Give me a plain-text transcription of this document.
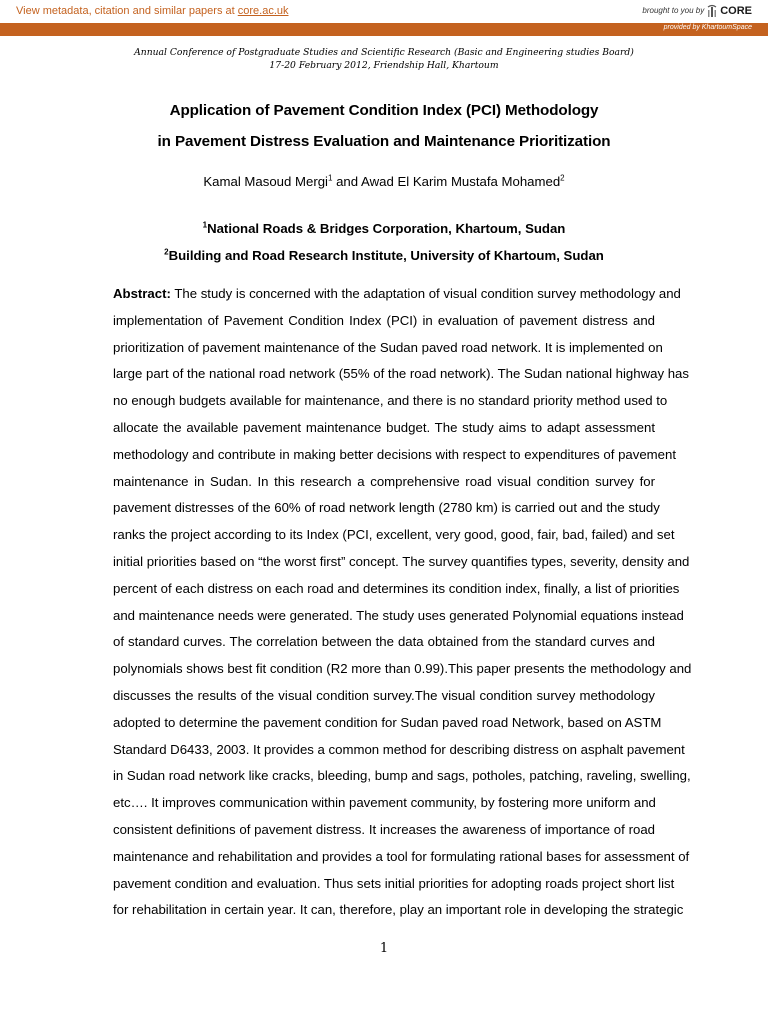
View metadata, citation and similar papers at core.ac.uk	brought to you by CORE
provided by KhartoumSpace
Annual Conference of Postgraduate Studies and Scientific Research (Basic and Engineering studies Board)
17-20 February 2012, Friendship Hall, Khartoum
Application of Pavement Condition Index (PCI) Methodology
in Pavement Distress Evaluation and Maintenance Prioritization
Kamal Masoud Mergi$^1$ and Awad El Karim Mustafa Mohamed$^2$
$^1$National Roads & Bridges Corporation, Khartoum, Sudan
$^2$Building and Road Research Institute, University of Khartoum, Sudan
Abstract: The study is concerned with the adaptation of visual condition survey methodology and
implementation of Pavement Condition Index (PCI) in evaluation of pavement distress and
prioritization of pavement maintenance of the Sudan paved road network. It is implemented on
large part of the national road network (55% of the road network). The Sudan national highway has
no enough budgets available for maintenance, and there is no standard priority method used to
allocate the available pavement maintenance budget. The study aims to adapt assessment
methodology and contribute in making better decisions with respect to expenditures of pavement
maintenance in Sudan. In this research a comprehensive road visual condition survey for
pavement distresses of the 60% of road network length (2780 km) is carried out and the study
ranks the project according to its Index (PCI, excellent, very good, good, fair, bad, failed) and set
initial priorities based on “the worst first” concept. The survey quantifies types, severity, density and
percent of each distress on each road and determines its condition index, finally, a list of priorities
and maintenance needs were generated. The study uses generated Polynomial equations instead
of standard curves. The correlation between the data obtained from the standard curves and
polynomials shows best fit condition (R2 more than 0.99).This paper presents the methodology and
discusses the results of the visual condition survey.The visual condition survey methodology
adopted to determine the pavement condition for Sudan paved road Network, based on ASTM
Standard D6433, 2003. It provides a common method for describing distress on asphalt pavement
in Sudan road network like cracks, bleeding, bump and sags, potholes, patching, raveling, swelling,
etc…. It improves communication within pavement community, by fostering more uniform and
consistent definitions of pavement distress. It increases the awareness of importance of road
maintenance and rehabilitation and provides a tool for formulating rational bases for assessment of
pavement condition and evaluation. Thus sets initial priorities for adopting roads project short list
for rehabilitation in certain year. It can, therefore, play an important role in developing the strategic
1
